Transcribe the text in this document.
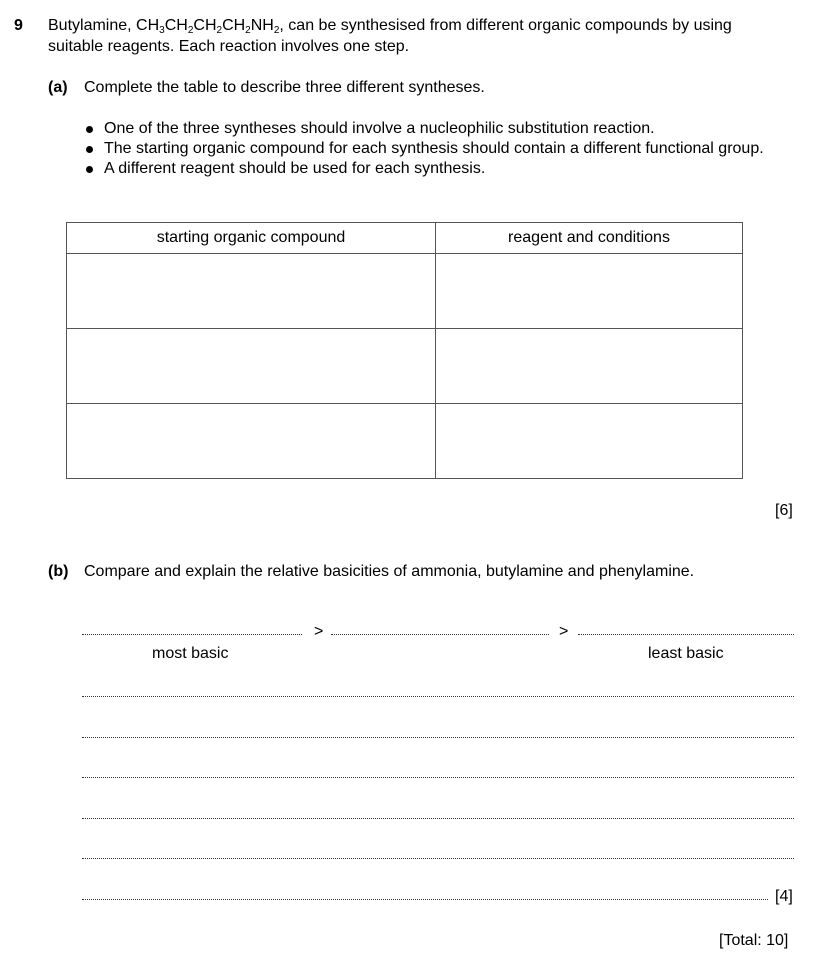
9 Butylamine, $CH_3CH_2CH_2CH_2NH_2$, can be synthesised from different organic compounds by using
suitable reagents. Each reaction involves one step.
(a) Complete the table to describe three different syntheses.
One of the three syntheses should involve a nucleophilic substitution reaction.
The starting organic compound for each synthesis should contain a different functional group.
A different reagent should be used for each synthesis.
starting organic compound	reagent and conditions

[6]
(b) Compare and explain the relative basicities of ammonia, butylamine and phenylamine.
>	>
most basic	least basic
[4]
[Total: 10]
